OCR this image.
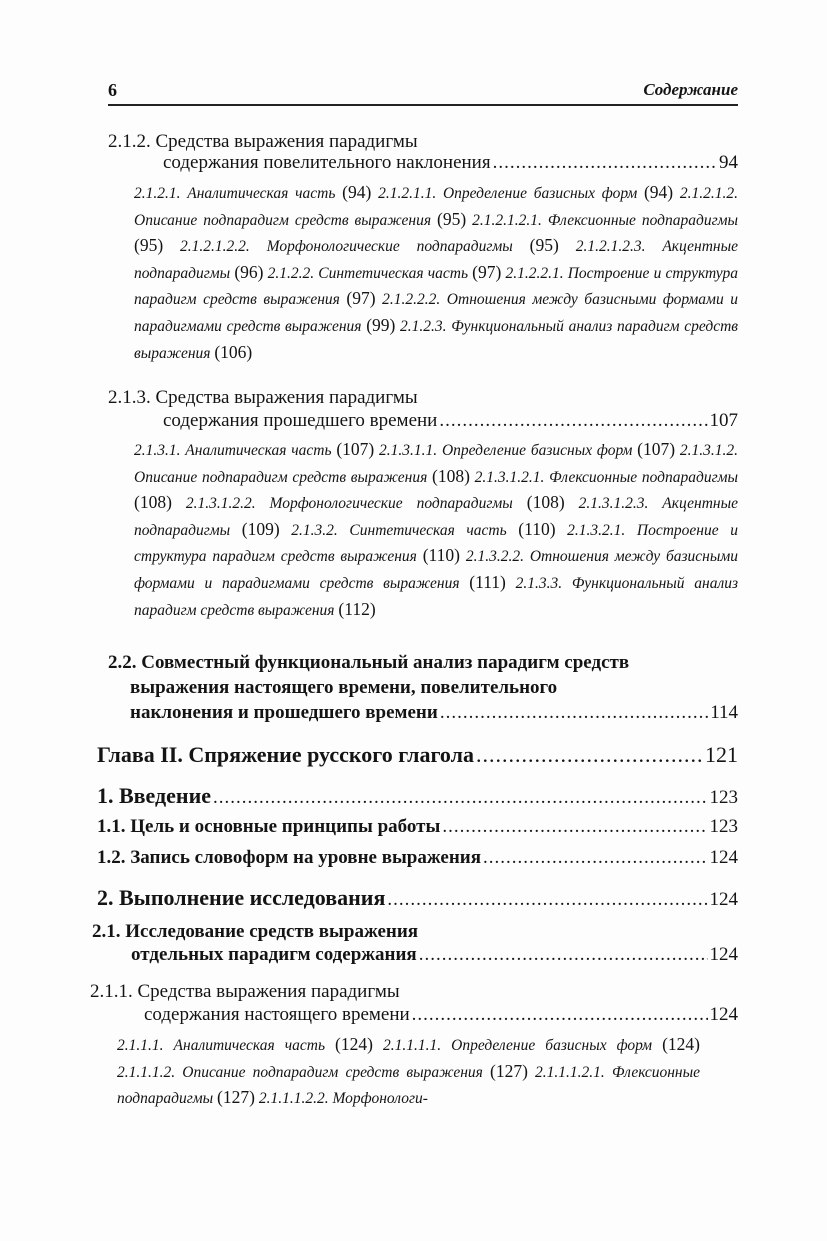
6	Содержание
2.1.2. Средства выражения парадигмы
содержания повелительного наклонения .....	94
2.1.2.1. Аналитическая часть (94) 2.1.2.1.1. Определение базисных форм (94) 2.1.2.1.2. Описание подпарадигм средств выражения (95) 2.1.2.1.2.1. Флексионные подпарадигмы (95) 2.1.2.1.2.2. Морфонологические подпарадигмы (95) 2.1.2.1.2.3. Акцентные подпарадигмы (96) 2.1.2.2. Синтетическая часть (97) 2.1.2.2.1. Построение и структура парадигм средств выражения (97) 2.1.2.2.2. Отношения между базисными формами и парадигмами средств выражения (99) 2.1.2.3. Функциональный анализ парадигм средств выражения (106)
2.1.3. Средства выражения парадигмы
содержания прошедшего времени .....	107
2.1.3.1. Аналитическая часть (107) 2.1.3.1.1. Определение базисных форм (107) 2.1.3.1.2. Описание подпарадигм средств выражения (108) 2.1.3.1.2.1. Флексионные подпарадигмы (108) 2.1.3.1.2.2. Морфонологические подпарадигмы (108) 2.1.3.1.2.3. Акцентные подпарадигмы (109) 2.1.3.2. Синтетическая часть (110) 2.1.3.2.1. Построение и структура парадигм средств выражения (110) 2.1.3.2.2. Отношения между базисными формами и парадигмами средств выражения (111) 2.1.3.3. Функциональный анализ парадигм средств выражения (112)
2.2. Совместный функциональный анализ парадигм средств
выражения настоящего времени, повелительного
наклонения и прошедшего времени .....	114
Глава II. Спряжение русского глагола .....	121
1. Введение .....	123
1.1. Цель и основные принципы работы .....	123
1.2. Запись словоформ на уровне выражения .....	124
2. Выполнение исследования .....	124
2.1. Исследование средств выражения
отдельных парадигм содержания .....	124
2.1.1. Средства выражения парадигмы
содержания настоящего времени .....	124
2.1.1.1. Аналитическая часть (124) 2.1.1.1.1. Определение базисных форм (124) 2.1.1.1.2. Описание подпарадигм средств выражения (127) 2.1.1.1.2.1. Флексионные подпарадигмы (127) 2.1.1.1.2.2. Морфонологи-
